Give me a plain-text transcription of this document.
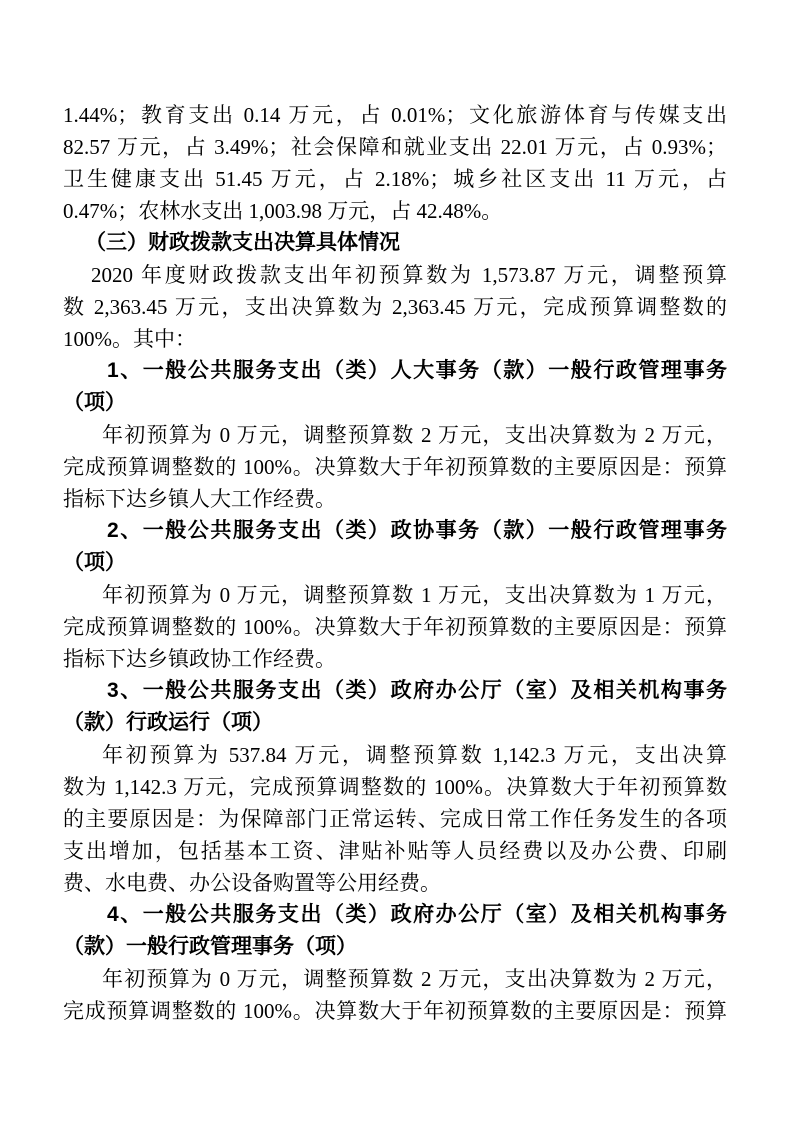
1.44%；教育支出 0.14 万元，占 0.01%；文化旅游体育与传媒支出
82.57 万元，占 3.49%；社会保障和就业支出 22.01 万元，占 0.93%；
卫生健康支出 51.45 万元，占 2.18%；城乡社区支出 11 万元，占
0.47%；农林水支出 1,003.98 万元，占 42.48%。

（三）财政拨款支出决算具体情况

2020 年度财政拨款支出年初预算数为 1,573.87 万元，调整预算
数 2,363.45 万元，支出决算数为 2,363.45 万元，完成预算调整数的
100%。其中：

1、一般公共服务支出（类）人大事务（款）一般行政管理事务
（项）

年初预算为 0 万元，调整预算数 2 万元，支出决算数为 2 万元，
完成预算调整数的 100%。决算数大于年初预算数的主要原因是：预算
指标下达乡镇人大工作经费。

2、一般公共服务支出（类）政协事务（款）一般行政管理事务
（项）

年初预算为 0 万元，调整预算数 1 万元，支出决算数为 1 万元，
完成预算调整数的 100%。决算数大于年初预算数的主要原因是：预算
指标下达乡镇政协工作经费。

3、一般公共服务支出（类）政府办公厅（室）及相关机构事务
（款）行政运行（项）

年初预算为 537.84 万元，调整预算数 1,142.3 万元，支出决算
数为 1,142.3 万元，完成预算调整数的 100%。决算数大于年初预算数
的主要原因是：为保障部门正常运转、完成日常工作任务发生的各项
支出增加，包括基本工资、津贴补贴等人员经费以及办公费、印刷
费、水电费、办公设备购置等公用经费。

4、一般公共服务支出（类）政府办公厅（室）及相关机构事务
（款）一般行政管理事务（项）

年初预算为 0 万元，调整预算数 2 万元，支出决算数为 2 万元，
完成预算调整数的 100%。决算数大于年初预算数的主要原因是：预算
